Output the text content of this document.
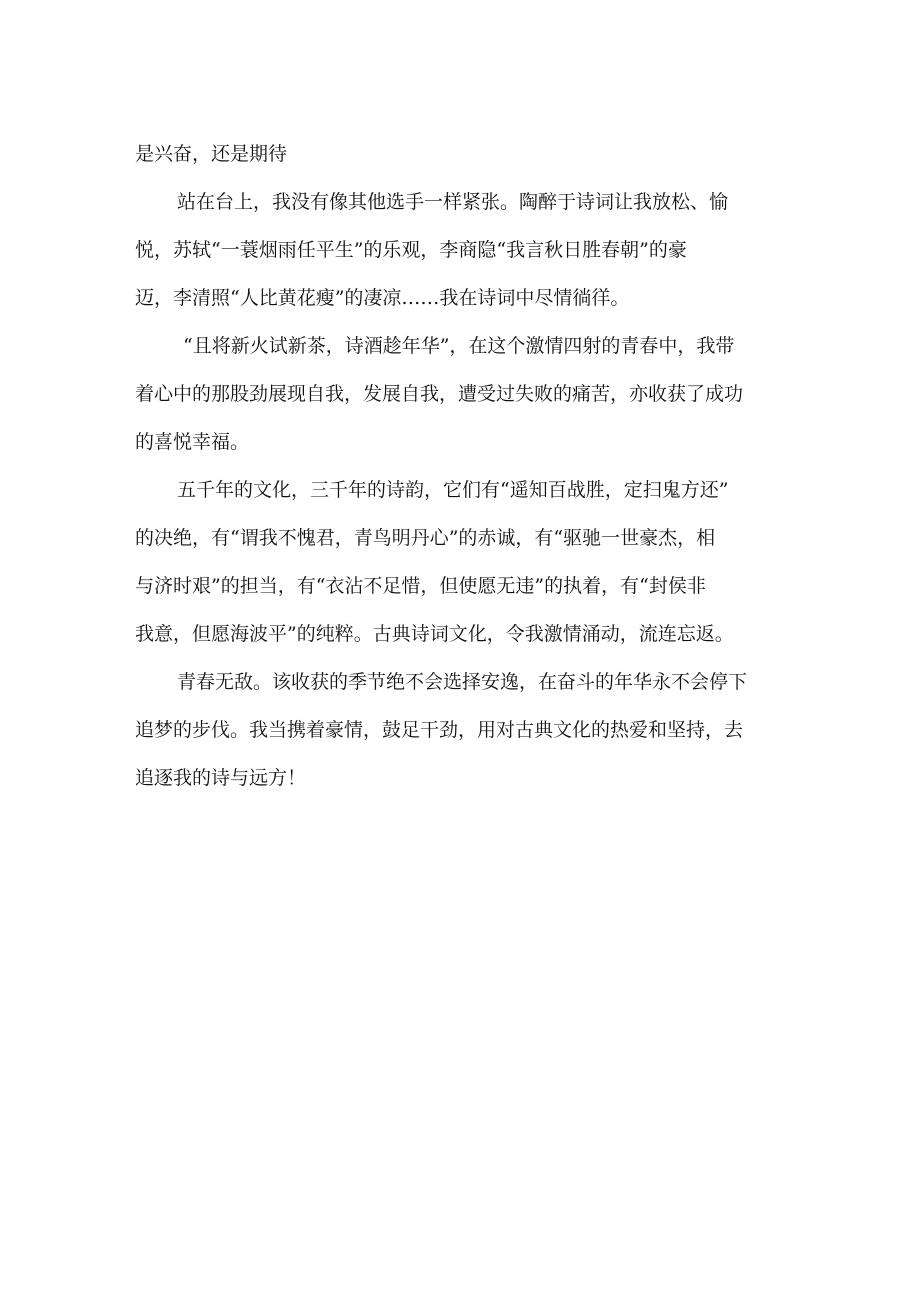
是兴奋，还是期待
站在台上，我没有像其他选手一样紧张。陶醉于诗词让我放松、愉
悦，苏轼“一蓑烟雨任平生”的乐观，李商隐“我言秋日胜春朝”的豪
迈，李清照“人比黄花瘦”的凄凉……我在诗词中尽情徜徉。
“且将新火试新茶，诗酒趁年华”，在这个激情四射的青春中，我带
着心中的那股劲展现自我，发展自我，遭受过失败的痛苦，亦收获了成功
的喜悦幸福。
五千年的文化，三千年的诗韵，它们有“遥知百战胜，定扫鬼方还”
的决绝，有“谓我不愧君，青鸟明丹心”的赤诚，有“驱驰一世豪杰，相
与济时艰”的担当，有“衣沾不足惜，但使愿无违”的执着，有“封侯非
我意，但愿海波平”的纯粹。古典诗词文化，令我激情涌动，流连忘返。
青春无敌。该收获的季节绝不会选择安逸，在奋斗的年华永不会停下
追梦的步伐。我当携着豪情，鼓足干劲，用对古典文化的热爱和坚持，去
追逐我的诗与远方！
